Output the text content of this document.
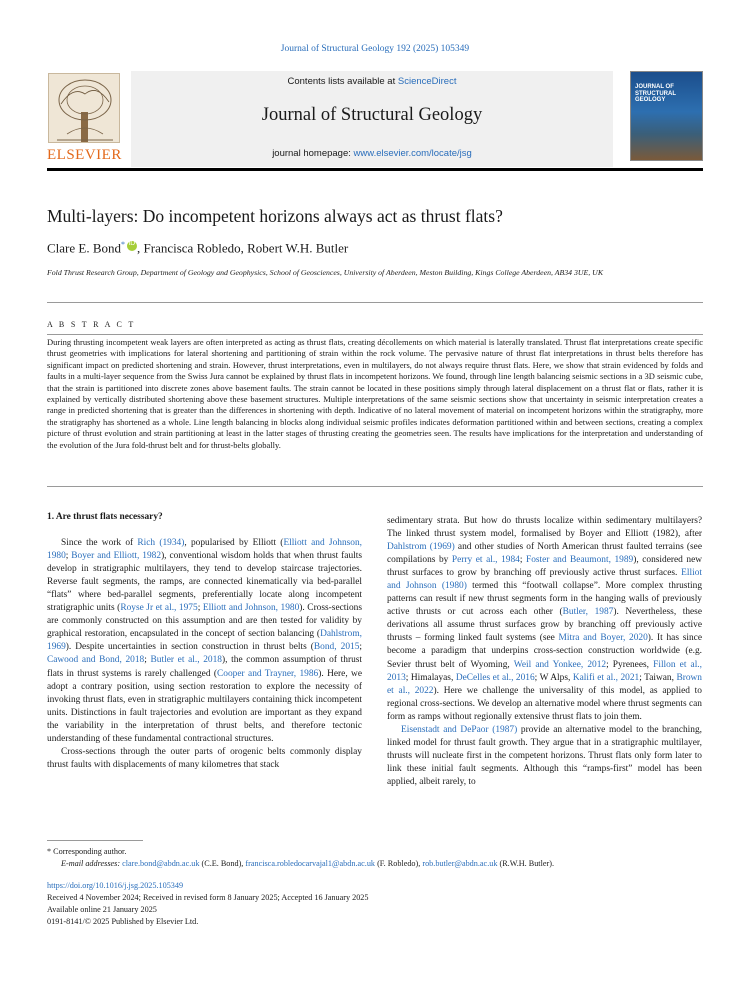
Journal of Structural Geology 192 (2025) 105349
ELSEVIER
Contents lists available at ScienceDirect
Journal of Structural Geology
journal homepage: www.elsevier.com/locate/jsg
JOURNAL OF STRUCTURAL GEOLOGY
Multi-layers: Do incompetent horizons always act as thrust flats?
Clare E. Bond* iD , Francisca Robledo, Robert W.H. Butler
Fold Thrust Research Group, Department of Geology and Geophysics, School of Geosciences, University of Aberdeen, Meston Building, Kings College Aberdeen, AB34 3UE, UK
A B S T R A C T
During thrusting incompetent weak layers are often interpreted as acting as thrust flats, creating décollements on which material is laterally translated. Thrust flat interpretations create specific thrust geometries with implications for lateral shortening and partitioning of strain within the rock volume. The pervasive nature of thrust flat interpretations in thrust belts therefore has significant impact on predicted shortening and strain. However, thrust interpretations, even in multilayers, do not always require thrust flats. Here, we show that strain evidenced by folds and faults in a multi-layer sequence from the Swiss Jura cannot be explained by thrust flats in incompetent horizons. We found, through line length balancing seismic sections in a 3D seismic cube, that the strain is partitioned into discrete zones above basement faults. The strain cannot be located in these positions simply through lateral displacement on a thrust flat or flats, rather it is explained by vertically distributed shortening above these basement structures. Multiple interpretations of the same seismic sections show that uncertainty in seismic interpretation creates a range in predicted shortening that is greater than the differences in shortening with depth. Indicative of no lateral movement of material on incompetent horizons within the stratigraphy, more the stratigraphy has shortened as a whole. Line length balancing in blocks along individual seismic profiles indicates deformation partitioned within and between sections, creating a complex picture of thrust evolution and strain partitioning at least in the latter stages of thrusting creating the geometries seen. The results have implications for the interpretation and understanding of the evolution of the Jura fold-thrust belt and for thrust-belts globally.

1. Are thrust flats necessary?

Since the work of Rich (1934), popularised by Elliott (Elliott and Johnson, 1980; Boyer and Elliott, 1982), conventional wisdom holds that when thrust faults develop in stratigraphic multilayers, they tend to develop staircase trajectories. Reverse fault segments, the ramps, are connected kinematically via bed-parallel “flats” where bed-parallel segments, preferentially locate along incompetent stratigraphic units (Royse Jr et al., 1975; Elliott and Johnson, 1980). Cross-sections are commonly constructed on this assumption and are then tested for validity by graphical restoration, encapsulated in the concept of section balancing (Dahlstrom, 1969). Despite uncertainties in section construction in thrust belts (Bond, 2015; Cawood and Bond, 2018; Butler et al., 2018), the common assumption of thrust flats in thrust systems is rarely challenged (Cooper and Trayner, 1986). Here, we adopt a contrary position, using section restoration to explore the necessity of invoking thrust flats, even in stratigraphic multilayers containing thick incompetent units. Distinctions in fault trajectories and evolution are important as they expand the variability in the interpretation of thrust belts, and therefore tectonic understanding of these fundamental contractional structures.

Cross-sections through the outer parts of orogenic belts commonly display thrust faults with displacements of many kilometres that stack

sedimentary strata. But how do thrusts localize within sedimentary multilayers? The linked thrust system model, formalised by Boyer and Elliott (1982), after Dahlstrom (1969) and other studies of North American thrust faulted terrains (see compilations by Perry et al., 1984; Foster and Beaumont, 1989), considered new thrust surfaces to grow by branching off previously active thrust surfaces. Elliot and Johnson (1980) termed this “footwall collapse”. More complex thrusting patterns can result if new thrust segments form in the hanging walls of previously active thrusts or cut across each other (Butler, 1987). Nevertheless, these derivations all assume thrust surfaces grow by branching off previously active thrusts – forming linked fault systems (see Mitra and Boyer, 2020). It has since become a paradigm that underpins cross-section construction worldwide (e.g. Sevier thrust belt of Wyoming, Weil and Yonkee, 2012; Pyrenees, Fillon et al., 2013; Himalayas, DeCelles et al., 2016; W Alps, Kalifi et al., 2021; Taiwan, Brown et al., 2022). Here we challenge the universality of this model, as applied to regional cross-sections. We develop an alternative model where thrust segments can form as ramps without regionally extensive thrust flats to join them.

Eisenstadt and DePaor (1987) provide an alternative model to the branching, linked model for thrust fault growth. They argue that in a stratigraphic multilayer, thrusts will nucleate first in the competent horizons. Thrust flats only form later to link these initial fault segments. Although this “ramps-first” model has been applied, albeit rarely, to

* Corresponding author.
E-mail addresses: clare.bond@abdn.ac.uk (C.E. Bond), francisca.robledocarvajal1@abdn.ac.uk (F. Robledo), rob.butler@abdn.ac.uk (R.W.H. Butler).
https://doi.org/10.1016/j.jsg.2025.105349
Received 4 November 2024; Received in revised form 8 January 2025; Accepted 16 January 2025
Available online 21 January 2025
0191-8141/© 2025 Published by Elsevier Ltd.
